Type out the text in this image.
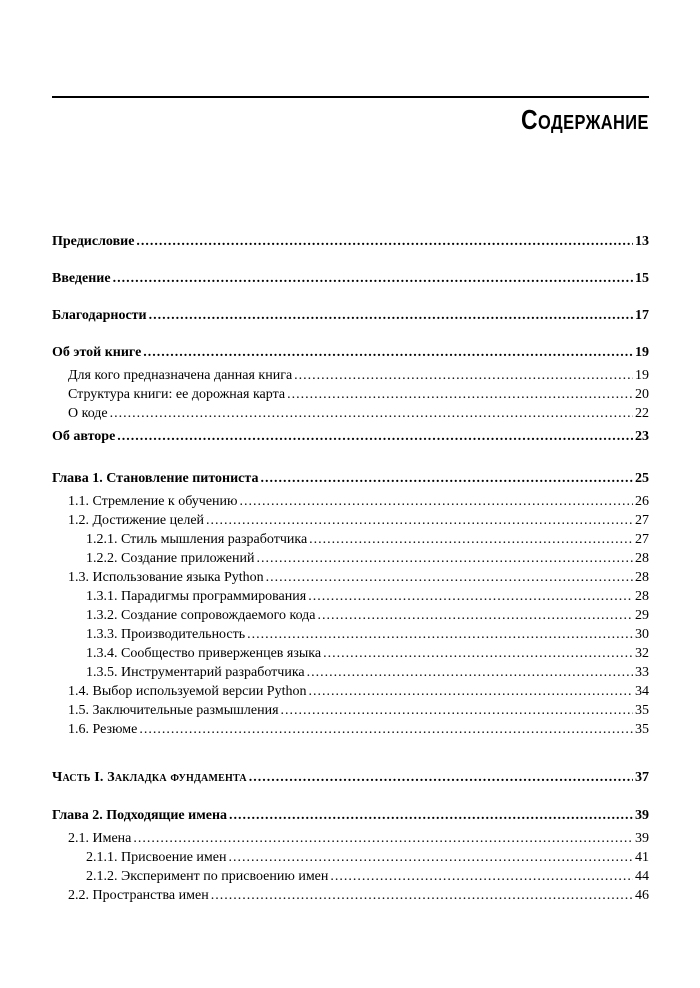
Содержание
Предисловие .....	13
Введение .....	15
Благодарности .....	17
Об этой книге .....	19
Для кого предназначена данная книга .....	19
Структура книги: ее дорожная карта .....	20
О коде .....	22
Об авторе .....	23
Глава 1. Становление питониста .....	25
1.1. Стремление к обучению .....	26
1.2. Достижение целей .....	27
1.2.1. Стиль мышления разработчика .....	27
1.2.2. Создание приложений .....	28
1.3. Использование языка Python .....	28
1.3.1. Парадигмы программирования .....	28
1.3.2. Создание сопровождаемого кода .....	29
1.3.3. Производительность .....	30
1.3.4. Сообщество приверженцев языка .....	32
1.3.5. Инструментарий разработчика .....	33
1.4. Выбор используемой версии Python .....	34
1.5. Заключительные размышления .....	35
1.6. Резюме .....	35
Часть I. Закладка фундамента .....	37
Глава 2. Подходящие имена .....	39
2.1. Имена .....	39
2.1.1. Присвоение имен .....	41
2.1.2. Эксперимент по присвоению имен .....	44
2.2. Пространства имен .....	46
